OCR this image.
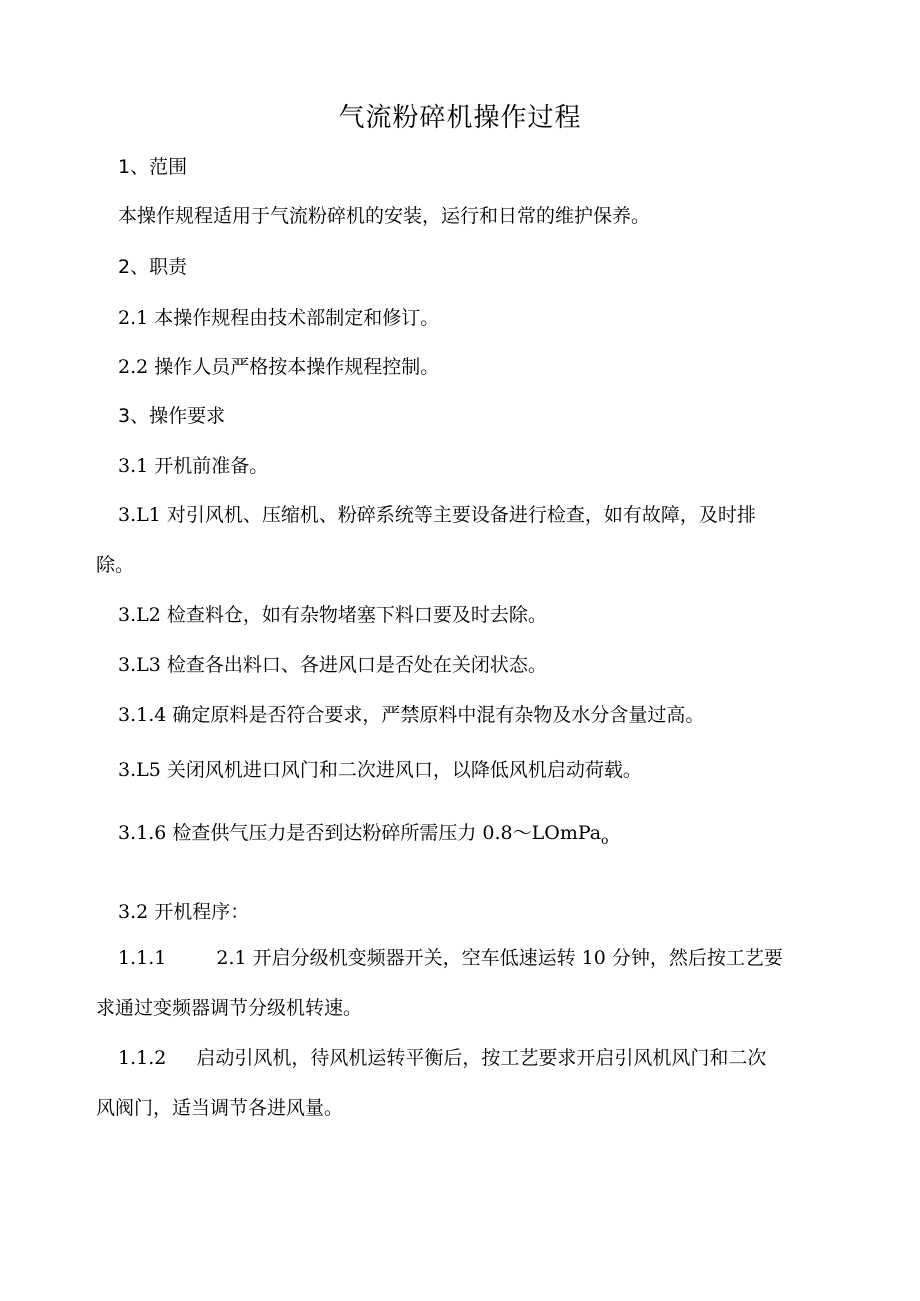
气流粉碎机操作过程
1、范围
本操作规程适用于气流粉碎机的安装，运行和日常的维护保养。
2、职责
2.1 本操作规程由技术部制定和修订。
2.2 操作人员严格按本操作规程控制。
3、操作要求
3.1 开机前准备。
3.L1 对引风机、压缩机、粉碎系统等主要设备进行检查，如有故障，及时排
除。
3.L2 检查料仓，如有杂物堵塞下料口要及时去除。
3.L3 检查各出料口、各进风口是否处在关闭状态。
3.1.4 确定原料是否符合要求，严禁原料中混有杂物及水分含量过高。
3.L5 关闭风机进口风门和二次进风口，以降低风机启动荷载。
3.1.6 检查供气压力是否到达粉碎所需压力 0.8～LOmPa$_o$
3.2 开机程序：
1.1.1	2.1 开启分级机变频器开关，空车低速运转 10 分钟，然后按工艺要
求通过变频器调节分级机转速。
1.1.2 启动引风机，待风机运转平衡后，按工艺要求开启引风机风门和二次
风阀门，适当调节各进风量。
